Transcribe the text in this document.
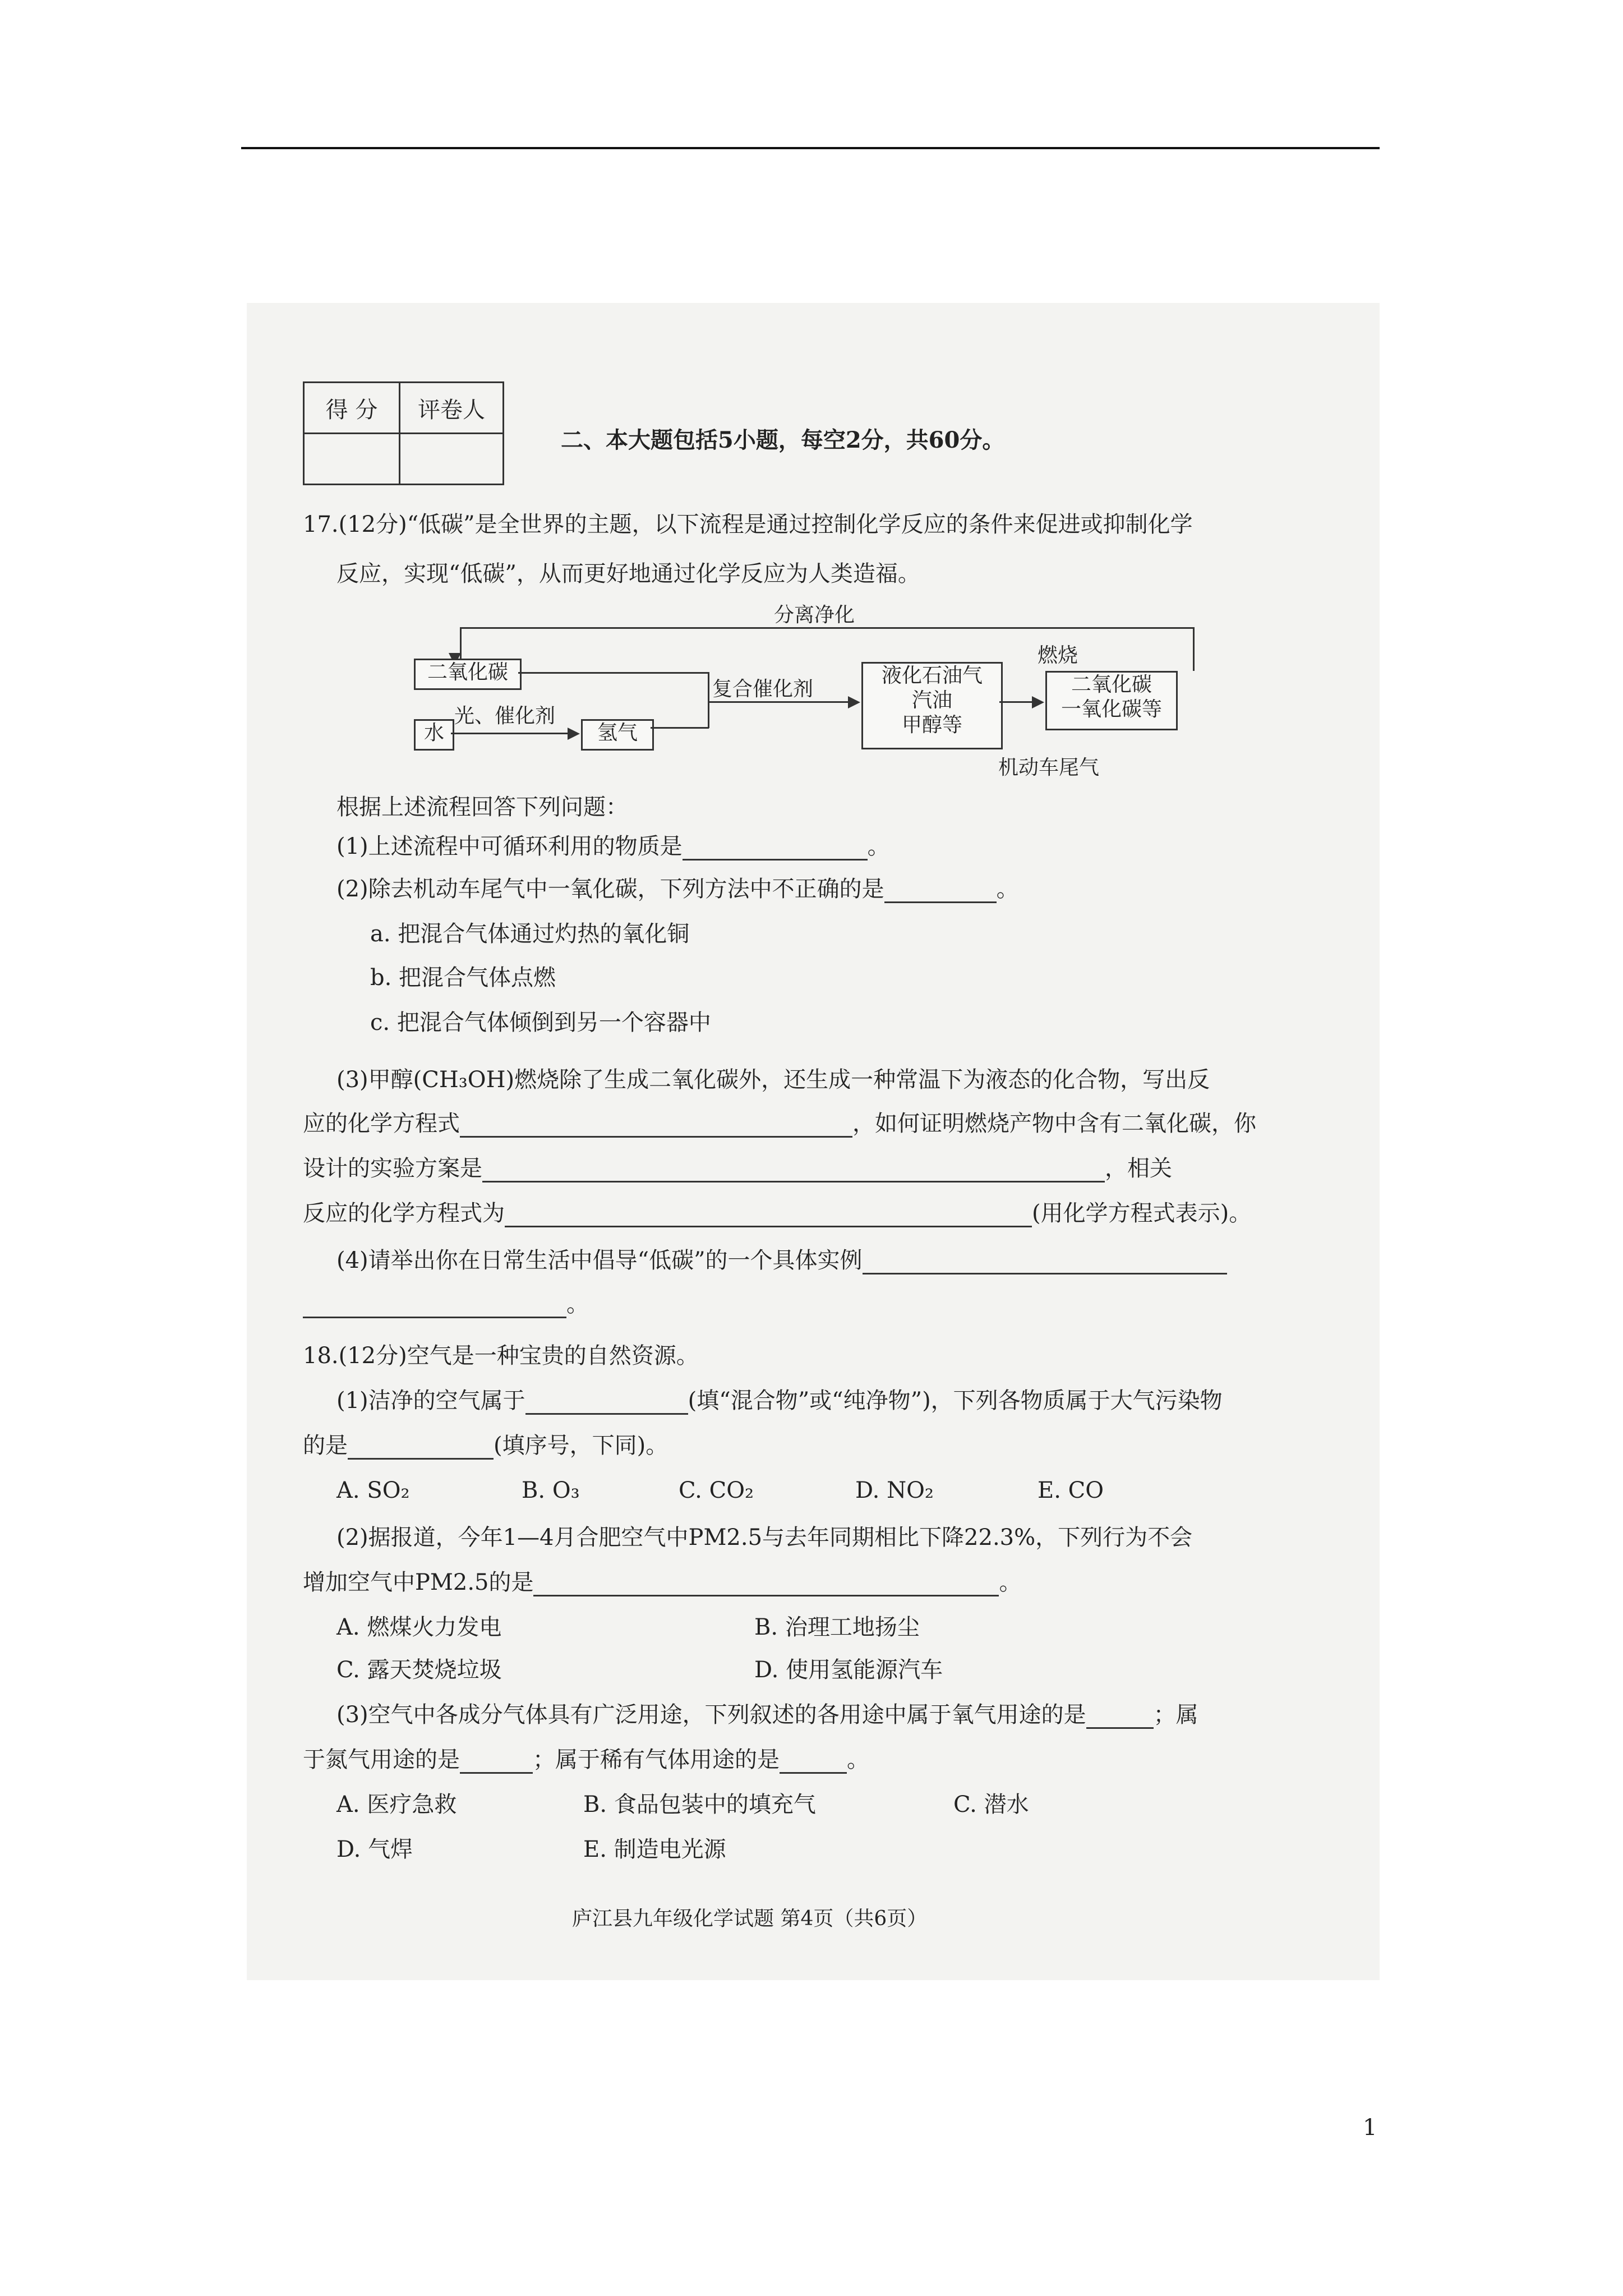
得 分	评卷人

二、本大题包括5小题，每空2分，共60分。
17.(12分)“低碳”是全世界的主题，以下流程是通过控制化学反应的条件来促进或抑制化学
反应，实现“低碳”，从而更好地通过化学反应为人类造福。
分离净化
燃烧
二氧化碳
水
光、催化剂
氢气
复合催化剂
液化石油气
汽油
甲醇等
二氧化碳
一氧化碳等
机动车尾气
根据上述流程回答下列问题：
(1)上述流程中可循环利用的物质是	。
(2)除去机动车尾气中一氧化碳，下列方法中不正确的是	。
a. 把混合气体通过灼热的氧化铜
b. 把混合气体点燃
c. 把混合气体倾倒到另一个容器中
(3)甲醇(CH₃OH)燃烧除了生成二氧化碳外，还生成一种常温下为液态的化合物，写出反
应的化学方程式	，如何证明燃烧产物中含有二氧化碳，你
设计的实验方案是	，相关
反应的化学方程式为	(用化学方程式表示)。
(4)请举出你在日常生活中倡导“低碳”的一个具体实例
。
18.(12分)空气是一种宝贵的自然资源。
(1)洁净的空气属于	(填“混合物”或“纯净物”)，下列各物质属于大气污染物
的是	(填序号，下同)。
A. SO₂	B. O₃	C. CO₂	D. NO₂	E. CO
(2)据报道，今年1—4月合肥空气中PM2.5与去年同期相比下降22.3%，下列行为不会
增加空气中PM2.5的是	。
A. 燃煤火力发电	B. 治理工地扬尘
C. 露天焚烧垃圾	D. 使用氢能源汽车
(3)空气中各成分气体具有广泛用途，下列叙述的各用途中属于氧气用途的是	；属
于氮气用途的是	；属于稀有气体用途的是	。
A. 医疗急救	B. 食品包装中的填充气	C. 潜水
D. 气焊	E. 制造电光源
庐江县九年级化学试题 第4页（共6页）
1
